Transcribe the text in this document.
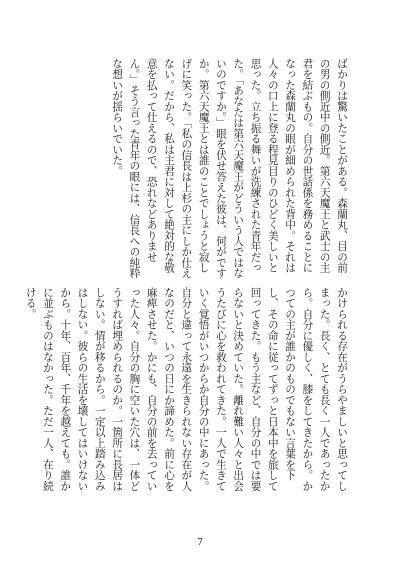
ばかりは驚いたことがある。森蘭丸、目の前の男の側近中の側近。第六天魔王と武士の主君を結ぶもの。自分の世話係を務めることになった森蘭丸の眼が細められた背中。それは人々の口上に登る程見目りのひどく美しいと思った。立ち振る舞いが洗練された青年だった。「あなたは第六天魔王がどういう人ではないのですか。」眼を伏せ答えた彼は、何がですか。第六天魔王とは誰のことでしょうと寂しげに笑った。「私の信長は上杉の主にしか仕えない。だから、私は主君に対して絶対的な敬意を払って仕えるので、恐れなどありません。」そう言った青年の眼には、信長への純粋な想いが揺らいでいた。

かけられる存在がうらやましいと思ってしまった。長く、とても長く一人であったから。自分に優しく、膝をしてきたから。かつての主が誰かのものでもない言葉を下し、その命に従ってずっと日本中を旅して回ってきた。もう主など、自分の中では要らないと決めていた。離れ難い人々と出会うたびに心を救われてきた。一人で生きていく覚悟がいつからか自分の中にあった。自分と違って永遠を生きられない存在が人なのだと、いつの日にか諦めた。前に心を麻痺させた。かにも、自分の前を去っていった人々。自分の胸に空いた穴は、一体どうすれば埋められるのか。一箇所に長居はしない。情が移るから。一定以上踏み込みはしない。彼らの生活を壊してはいけないから。十年、百年、千年を越えても。誰かに並ぶものはなかった。ただ一人、在り続ける。

7
